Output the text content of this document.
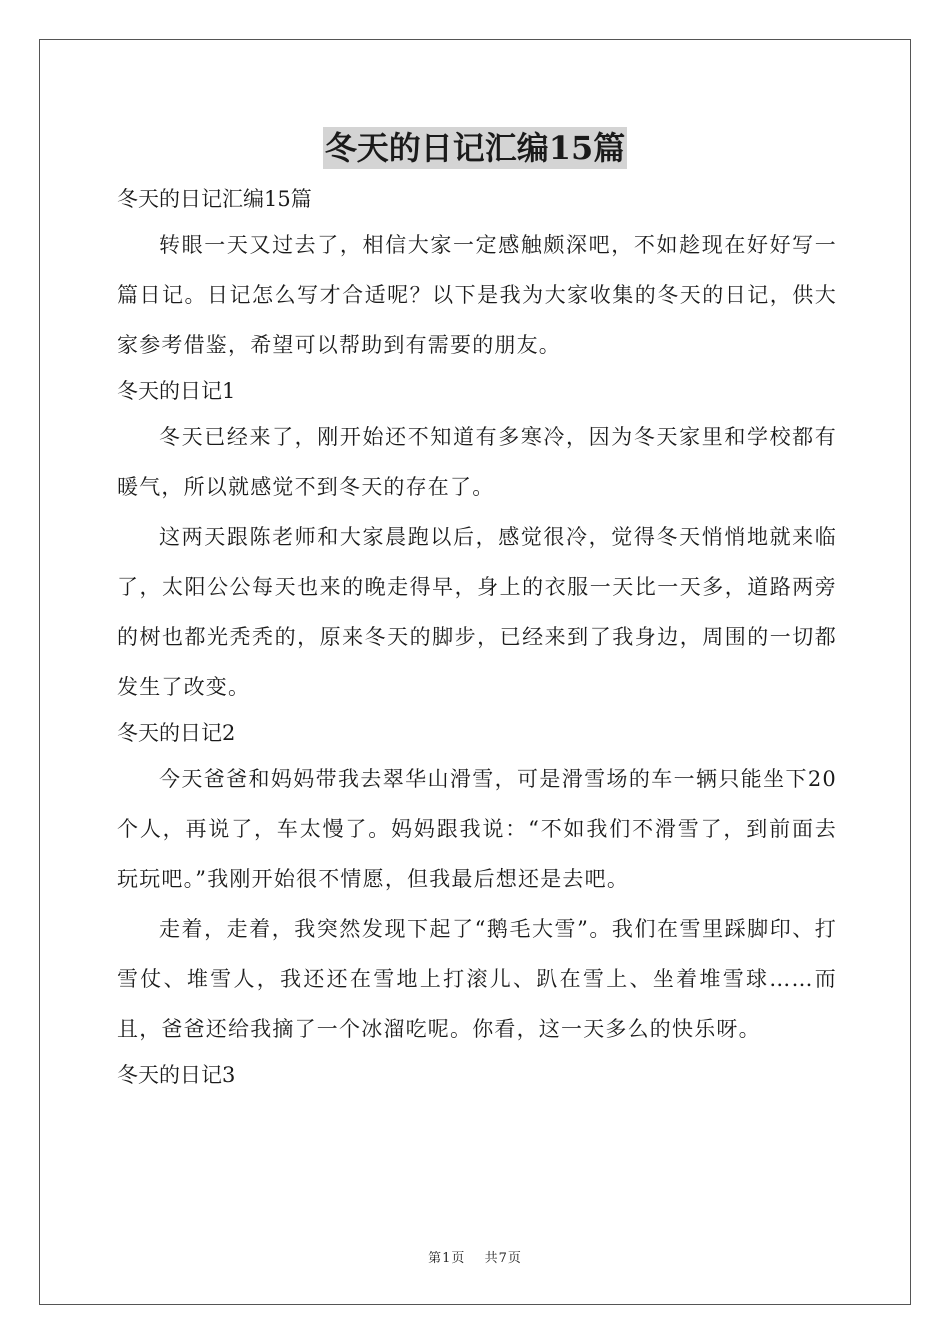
冬天的日记汇编15篇

冬天的日记汇编15篇

转眼一天又过去了，相信大家一定感触颇深吧，不如趁现在好好写一篇日记。日记怎么写才合适呢？以下是我为大家收集的冬天的日记，供大家参考借鉴，希望可以帮助到有需要的朋友。

冬天的日记1

冬天已经来了，刚开始还不知道有多寒冷，因为冬天家里和学校都有暖气，所以就感觉不到冬天的存在了。

这两天跟陈老师和大家晨跑以后，感觉很冷，觉得冬天悄悄地就来临了，太阳公公每天也来的晚走得早，身上的衣服一天比一天多，道路两旁的树也都光秃秃的，原来冬天的脚步，已经来到了我身边，周围的一切都发生了改变。

冬天的日记2

今天爸爸和妈妈带我去翠华山滑雪，可是滑雪场的车一辆只能坐下20个人，再说了，车太慢了。妈妈跟我说：“不如我们不滑雪了，到前面去玩玩吧。”我刚开始很不情愿，但我最后想还是去吧。

走着，走着，我突然发现下起了“鹅毛大雪”。我们在雪里踩脚印、打雪仗、堆雪人，我还还在雪地上打滚儿、趴在雪上、坐着堆雪球……而且，爸爸还给我摘了一个冰溜吃呢。你看，这一天多么的快乐呀。

冬天的日记3

第1页 共7页
